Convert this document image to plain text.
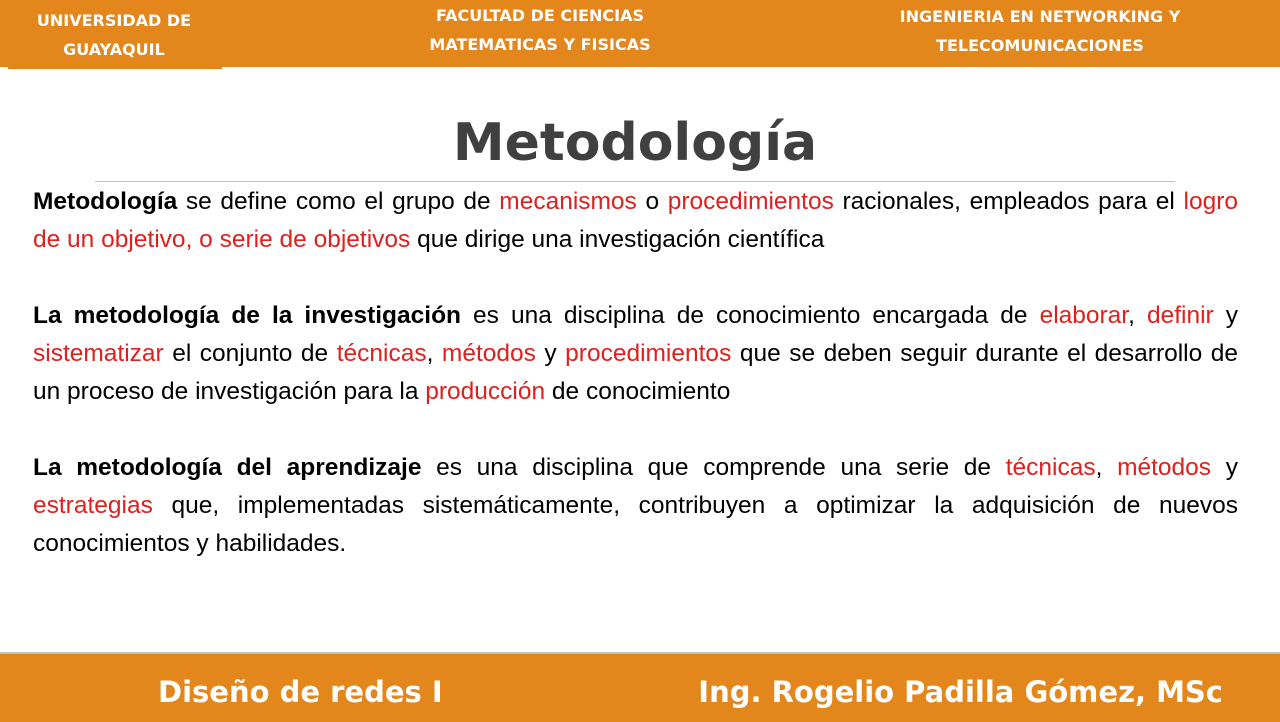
UNIVERSIDAD DE GUAYAQUIL
FACULTAD DE CIENCIAS MATEMATICAS Y FISICAS
INGENIERIA EN NETWORKING Y TELECOMUNICACIONES
Metodología

Metodología se define como el grupo de mecanismos o procedimientos racionales, empleados para el logro de un objetivo, o serie de objetivos que dirige una investigación científica

La metodología de la investigación es una disciplina de conocimiento encargada de elaborar, definir y sistematizar el conjunto de técnicas, métodos y procedimientos que se deben seguir durante el desarrollo de un proceso de investigación para la producción de conocimiento

La metodología del aprendizaje es una disciplina que comprende una serie de técnicas, métodos y estrategias que, implementadas sistemáticamente, contribuyen a optimizar la adquisición de nuevos conocimientos y habilidades.

Diseño de redes I	Ing. Rogelio Padilla Gómez, MSc
